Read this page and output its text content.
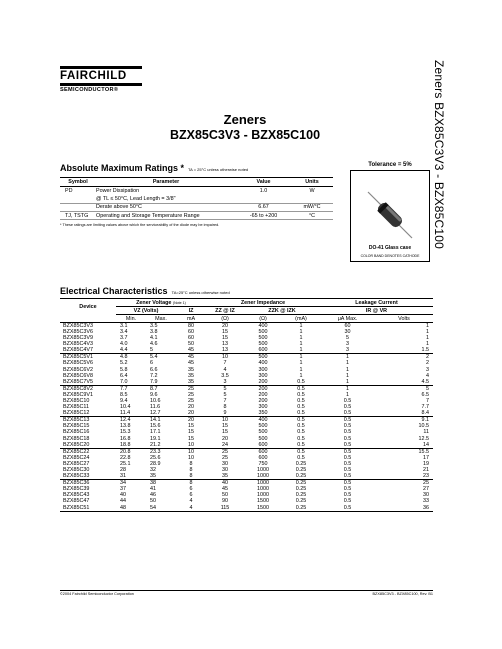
FAIRCHILD
SEMICONDUCTOR®	Zeners BZX85C3V3 - BZX85C100
Zeners
BZX85C3V3 - BZX85C100
Absolute Maximum Ratings * TA = 25°C unless otherwise noted
Symbol	Parameter	Value	Units
PD	Power Dissipation	1.0	W
	@ TL ≤ 50°C, Lead Length = 3/8"		
	Derate above 50°C	6.67	mW/°C
TJ, TSTG	Operating and Storage Temperature Range	-65 to +200	°C
* These ratings are limiting values above which the serviceability of the diode may be impaired.
Tolerance = 5%
DO-41 Glass case
COLOR BAND DENOTES CATHODE
Electrical Characteristics TA=25°C unless otherwise noted
Device	Zener Voltage (Note 1)			Zener Impedance			Leakage Current	
	VZ (Volts)		IZ	ZZ @ IZ	ZZK @ IZK		IR @ VR	
	Min.	Max.	mA	(Ω)	(Ω)	(mA)	μA Max.	Volts
BZX85C3V3	3.1	3.5	80	20	400	1	60	1
BZX85C3V6	3.4	3.8	60	15	500	1	30	1
BZX85C3V9	3.7	4.1	60	15	500	1	5	1
BZX85C4V3	4.0	4.6	50	13	500	1	3	1
BZX85C4V7	4.4	5	45	13	600	1	3	1.5
BZX85C5V1	4.8	5.4	45	10	500	1	1	2
BZX85C5V6	5.2	6	45	7	400	1	1	2
BZX85C6V2	5.8	6.6	35	4	300	1	1	3
BZX85C6V8	6.4	7.2	35	3.5	300	1	1	4
BZX85C7V5	7.0	7.9	35	3	200	0.5	1	4.5
BZX85C8V2	7.7	8.7	25	5	200	0.5	1	5
BZX85C9V1	8.5	9.6	25	5	200	0.5	1	6.5
BZX85C10	9.4	10.6	25	7	200	0.5	0.5	7
BZX85C11	10.4	11.6	20	8	300	0.5	0.5	7.7
BZX85C12	11.4	12.7	20	9	350	0.5	0.5	8.4
BZX85C13	12.4	14.1	20	10	400	0.5	0.5	9.1
BZX85C15	13.8	15.6	15	15	500	0.5	0.5	10.5
BZX85C16	15.3	17.1	15	15	500	0.5	0.5	11
BZX85C18	16.8	19.1	15	20	500	0.5	0.5	12.5
BZX85C20	18.8	21.2	10	24	600	0.5	0.5	14
BZX85C22	20.8	23.3	10	25	600	0.5	0.5	15.5
BZX85C24	22.8	25.6	10	25	600	0.5	0.5	17
BZX85C27	25.1	28.9	8	30	750	0.25	0.5	19
BZX85C30	28	32	8	30	1000	0.25	0.5	21
BZX85C33	31	35	8	35	1000	0.25	0.5	23
BZX85C36	34	38	8	40	1000	0.25	0.5	25
BZX85C39	37	41	6	45	1000	0.25	0.5	27
BZX85C43	40	46	6	50	1000	0.25	0.5	30
BZX85C47	44	50	4	90	1500	0.25	0.5	33
BZX85C51	48	54	4	115	1500	0.25	0.5	36
©2004 Fairchild Semiconductor Corporation	BZX85C3V3 - BZX85C100, Rev. B1
